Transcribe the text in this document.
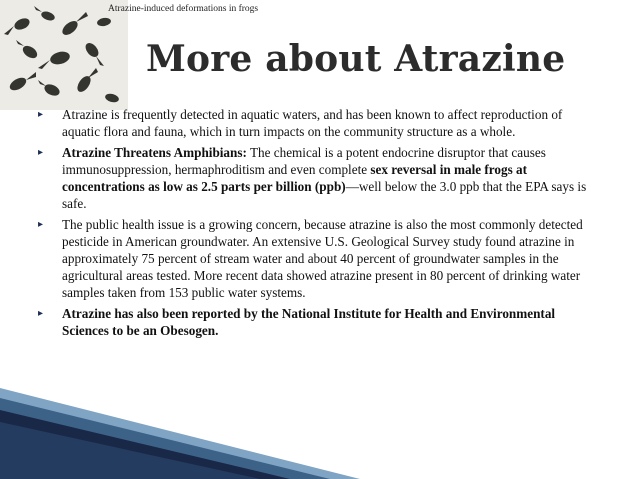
Atrazine-induced deformations in frogs
More about Atrazine
▸ Atrazine is frequently detected in aquatic waters, and has been known to affect reproduction of aquatic flora and fauna, which in turn impacts on the community structure as a whole.
▸ Atrazine Threatens Amphibians: The chemical is a potent endocrine disruptor that causes immunosuppression, hermaphroditism and even complete sex reversal in male frogs at concentrations as low as 2.5 parts per billion (ppb)—well below the 3.0 ppb that the EPA says is safe.
▸ The public health issue is a growing concern, because atrazine is also the most commonly detected pesticide in American groundwater. An extensive U.S. Geological Survey study found atrazine in approximately 75 percent of stream water and about 40 percent of groundwater samples in the agricultural areas tested. More recent data showed atrazine present in 80 percent of drinking water samples taken from 153 public water systems.
▸ Atrazine has also been reported by the National Institute for Health and Environmental Sciences to be an Obesogen.
